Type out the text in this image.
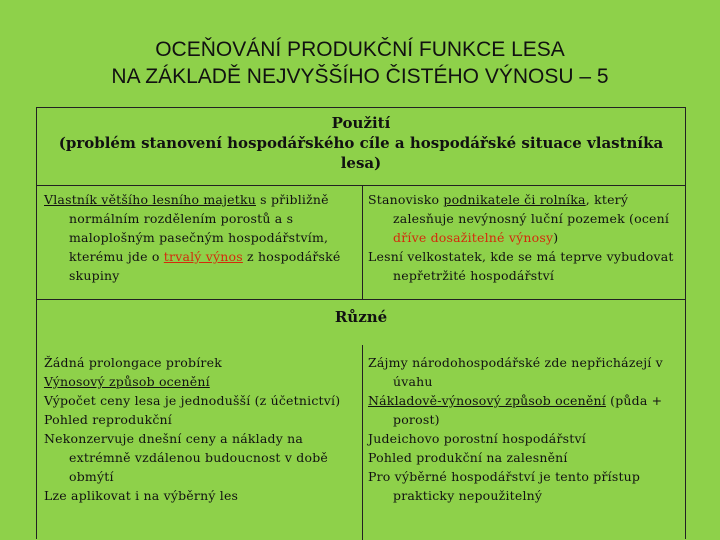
OCEŇOVÁNÍ PRODUKČNÍ FUNKCE LESA
NA ZÁKLADĚ NEJVYŠŠÍHO ČISTÉHO VÝNOSU – 5
Použití
(problém stanovení hospodářského cíle a hospodářské situace vlastníka lesa)
Vlastník většího lesního majetku s přibližně normálním rozdělením porostů a s maloplošným pasečným hospodářstvím, kterému jde o trvalý výnos z hospodářské skupiny
Stanovisko podnikatele či rolníka, který zalesňuje nevýnosný luční pozemek (ocení dříve dosažitelné výnosy)
Lesní velkostatek, kde se má teprve vybudovat nepřetržité hospodářství
Různé
Žádná prolongace probírek
Výnosový způsob ocenění
Výpočet ceny lesa je jednodušší (z účetnictví)
Pohled reprodukční
Nekonzervuje dnešní ceny a náklady na extrémně vzdálenou budoucnost v době obmýtí
Lze aplikovat i na výběrný les
Zájmy národohospodářské zde nepřicházejí v úvahu
Nákladově-výnosový způsob ocenění (půda + porost)
Judeichovo porostní hospodářství
Pohled produkční na zalesnění
Pro výběrné hospodářství je tento přístup prakticky nepoužitelný
